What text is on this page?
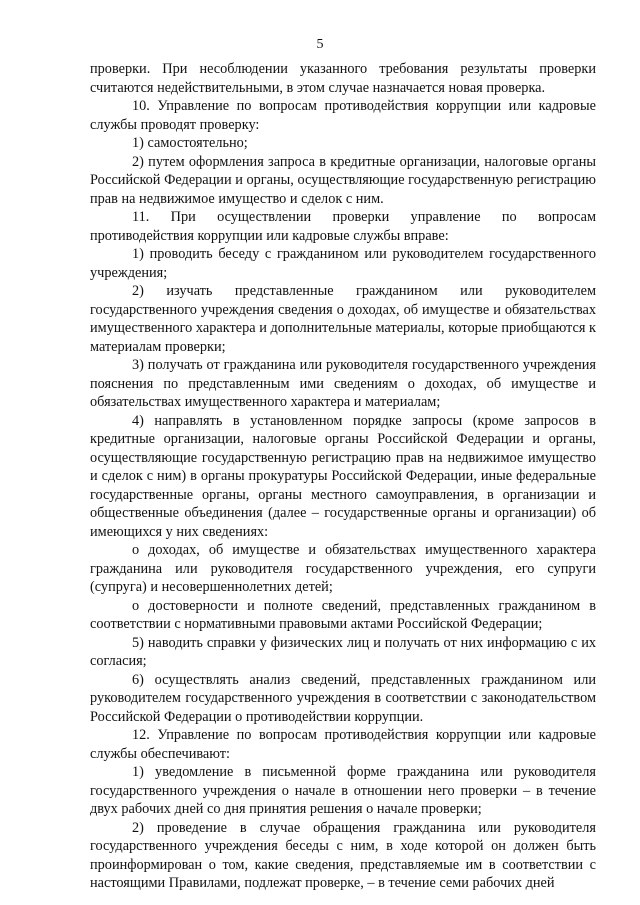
5

проверки. При несоблюдении указанного требования результаты проверки считаются недействительными, в этом случае назначается новая проверка.

10. Управление по вопросам противодействия коррупции или кадровые службы проводят проверку:

1) самостоятельно;

2) путем оформления запроса в кредитные организации, налоговые органы Российской Федерации и органы, осуществляющие государственную регистрацию прав на недвижимое имущество и сделок с ним.

11. При осуществлении проверки управление по вопросам противодействия коррупции или кадровые службы вправе:

1) проводить беседу с гражданином или руководителем государственного учреждения;

2) изучать представленные гражданином или руководителем государственного учреждения сведения о доходах, об имуществе и обязательствах имущественного характера и дополнительные материалы, которые приобщаются к материалам проверки;

3) получать от гражданина или руководителя государственного учреждения пояснения по представленным ими сведениям о доходах, об имуществе и обязательствах имущественного характера и материалам;

4) направлять в установленном порядке запросы (кроме запросов в кредитные организации, налоговые органы Российской Федерации и органы, осуществляющие государственную регистрацию прав на недвижимое имущество и сделок с ним) в органы прокуратуры Российской Федерации, иные федеральные государственные органы, органы местного самоуправления, в организации и общественные объединения (далее – государственные органы и организации) об имеющихся у них сведениях:

о доходах, об имуществе и обязательствах имущественного характера гражданина или руководителя государственного учреждения, его супруги (супруга) и несовершеннолетних детей;

о достоверности и полноте сведений, представленных гражданином в соответствии с нормативными правовыми актами Российской Федерации;

5) наводить справки у физических лиц и получать от них информацию с их согласия;

6) осуществлять анализ сведений, представленных гражданином или руководителем государственного учреждения в соответствии с законодательством Российской Федерации о противодействии коррупции.

12. Управление по вопросам противодействия коррупции или кадровые службы обеспечивают:

1) уведомление в письменной форме гражданина или руководителя государственного учреждения о начале в отношении него проверки – в течение двух рабочих дней со дня принятия решения о начале проверки;

2) проведение в случае обращения гражданина или руководителя государственного учреждения беседы с ним, в ходе которой он должен быть проинформирован о том, какие сведения, представляемые им в соответствии с настоящими Правилами, подлежат проверке, – в течение семи рабочих дней
